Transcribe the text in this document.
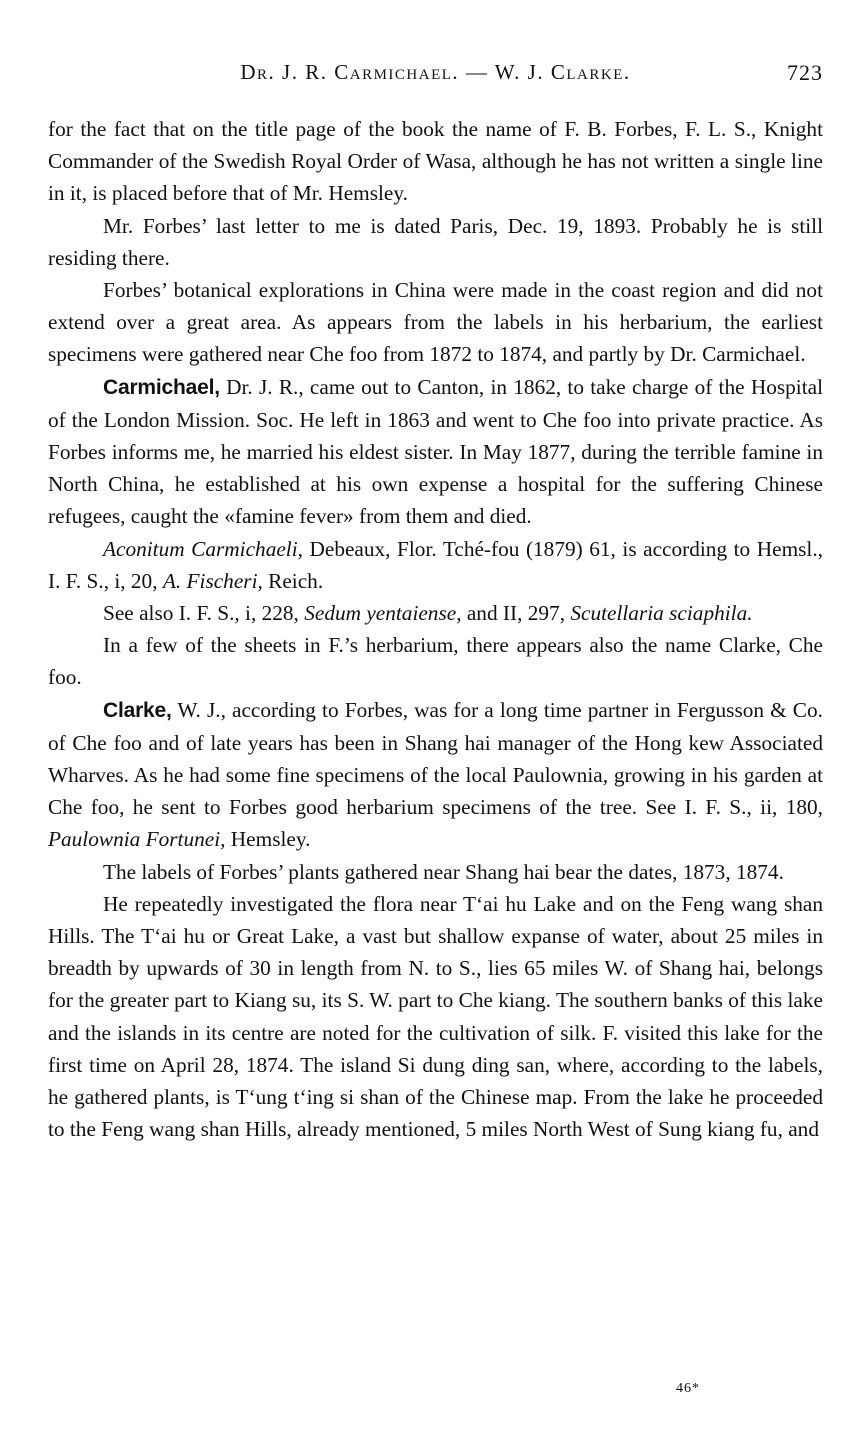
Dr. J. R. Carmichael. — W. J. Clarke.	723

for the fact that on the title page of the book the name of F. B. Forbes, F. L. S., Knight Commander of the Swedish Royal Order of Wasa, although he has not written a single line in it, is placed before that of Mr. Hemsley.

Mr. Forbes’ last letter to me is dated Paris, Dec. 19, 1893. Probably he is still residing there.

Forbes’ botanical explorations in China were made in the coast region and did not extend over a great area. As appears from the labels in his herbarium, the earliest specimens were gathered near Che foo from 1872 to 1874, and partly by Dr. Carmichael.

Carmichael, Dr. J. R., came out to Canton, in 1862, to take charge of the Hospital of the London Mission. Soc. He left in 1863 and went to Che foo into private practice. As Forbes informs me, he married his eldest sister. In May 1877, during the terrible famine in North China, he established at his own expense a hospital for the suffering Chinese refugees, caught the «famine fever» from them and died.

Aconitum Carmichaeli, Debeaux, Flor. Tché-fou (1879) 61, is according to Hemsl., I. F. S., i, 20, A. Fischeri, Reich.

See also I. F. S., i, 228, Sedum yentaiense, and II, 297, Scutellaria sciaphila.

In a few of the sheets in F.’s herbarium, there appears also the name Clarke, Che foo.

Clarke, W. J., according to Forbes, was for a long time partner in Fergusson & Co. of Che foo and of late years has been in Shang hai manager of the Hong kew Associated Wharves. As he had some fine specimens of the local Paulownia, growing in his garden at Che foo, he sent to Forbes good herbarium specimens of the tree. See I. F. S., ii, 180, Paulownia Fortunei, Hemsley.

The labels of Forbes’ plants gathered near Shang hai bear the dates, 1873, 1874.

He repeatedly investigated the flora near Tʻai hu Lake and on the Feng wang shan Hills. The Tʻai hu or Great Lake, a vast but shallow expanse of water, about 25 miles in breadth by upwards of 30 in length from N. to S., lies 65 miles W. of Shang hai, belongs for the greater part to Kiang su, its S. W. part to Che kiang. The southern banks of this lake and the islands in its centre are noted for the cultivation of silk. F. visited this lake for the first time on April 28, 1874. The island Si dung ding san, where, according to the labels, he gathered plants, is Tʻung tʻing si shan of the Chinese map. From the lake he proceeded to the Feng wang shan Hills, already mentioned, 5 miles North West of Sung kiang fu, and

46*
